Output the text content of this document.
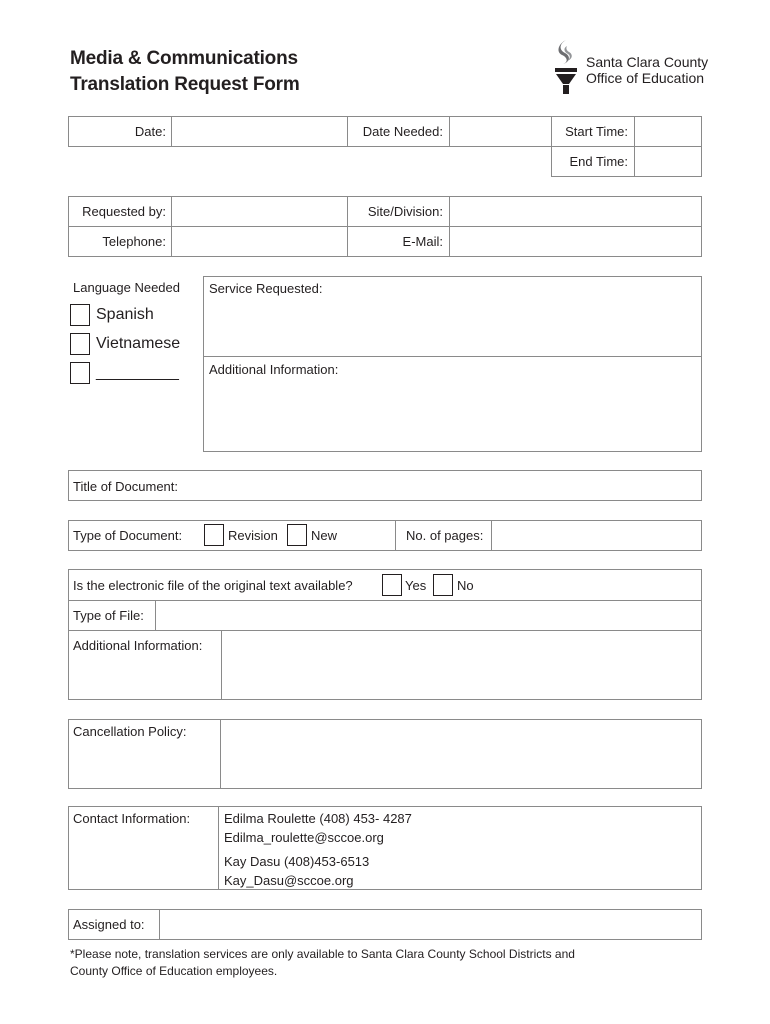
Media & Communications
Translation Request Form
Santa Clara County
Office of Education
Date:	Date Needed:	Start Time:
End Time:
Requested by:	Site/Division:
Telephone:	E-Mail:
Language Needed
Spanish
Vietnamese
___________
Service Requested:
Additional Information:
Title of Document:
Type of Document:	Revision	New	No. of pages:
Is the electronic file of the original text available?	Yes No
Type of File:
Additional Information:
Cancellation Policy:
Contact Information:	Edilma Roulette (408) 453- 4287
Edilma_roulette@sccoe.org
Kay Dasu (408)453-6513
Kay_Dasu@sccoe.org
Assigned to:
*Please note, translation services are only available to Santa Clara County School Districts and
County Office of Education employees.
